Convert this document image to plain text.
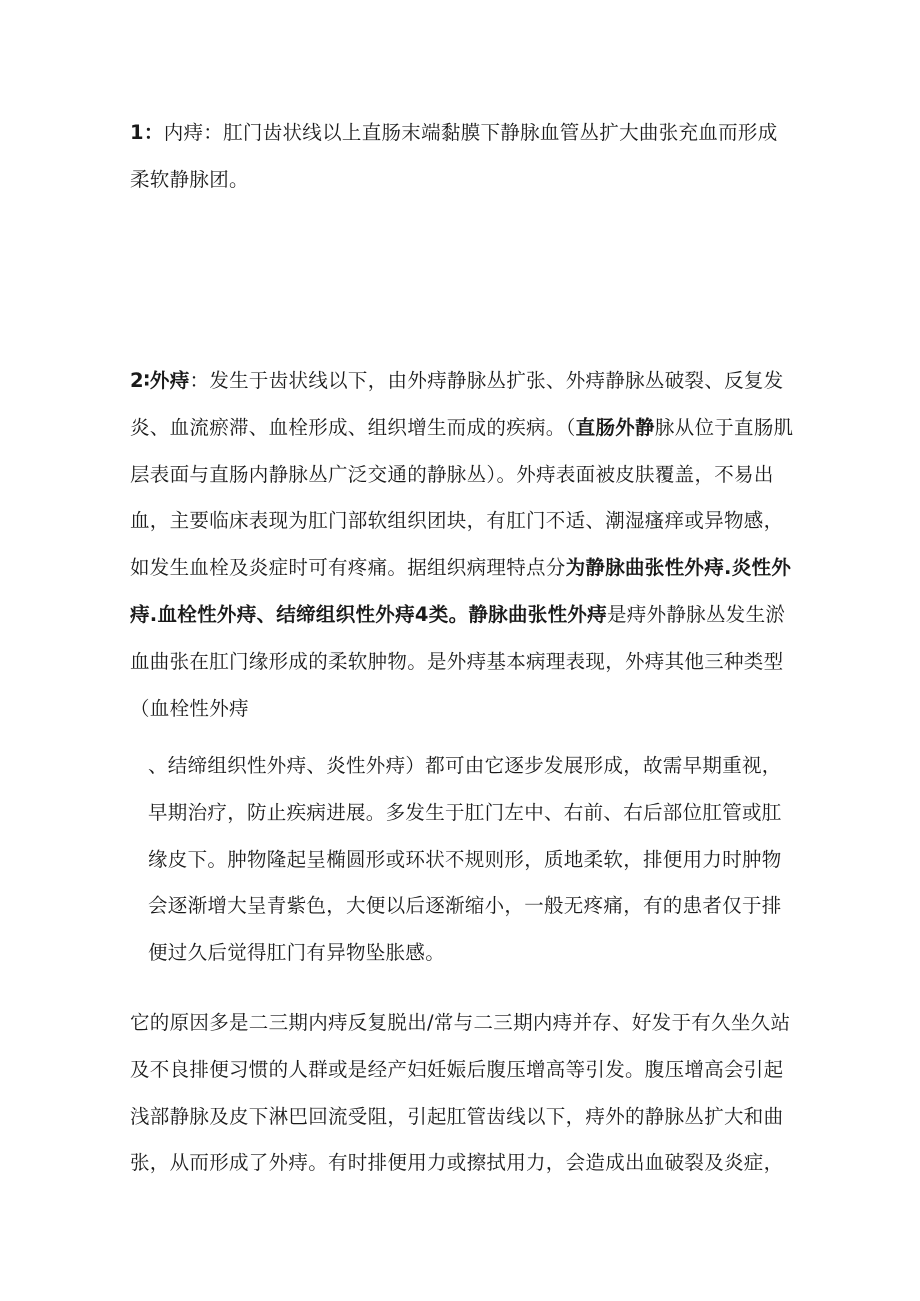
1：内痔：肛门齿状线以上直肠末端黏膜下静脉血管丛扩大曲张充血而形成柔软静脉团。

2∶外痔：发生于齿状线以下，由外痔静脉丛扩张、外痔静脉丛破裂、反复发炎、血流瘀滞、血栓形成、组织增生而成的疾病。（直肠外静脉从位于直肠肌层表面与直肠内静脉丛广泛交通的静脉丛）。外痔表面被皮肤覆盖，不易出血，主要临床表现为肛门部软组织团块，有肛门不适、潮湿瘙痒或异物感，如发生血栓及炎症时可有疼痛。据组织病理特点分为静脉曲张性外痔.炎性外痔.血栓性外痔、结缔组织性外痔4类。静脉曲张性外痔是痔外静脉丛发生淤血曲张在肛门缘形成的柔软肿物。是外痔基本病理表现，外痔其他三种类型（血栓性外痔

、结缔组织性外痔、炎性外痔）都可由它逐步发展形成，故需早期重视，早期治疗，防止疾病进展。多发生于肛门左中、右前、右后部位肛管或肛缘皮下。肿物隆起呈椭圆形或环状不规则形，质地柔软，排便用力时肿物会逐渐增大呈青紫色，大便以后逐渐缩小，一般无疼痛，有的患者仅于排便过久后觉得肛门有异物坠胀感。

它的原因多是二三期内痔反复脱出/常与二三期内痔并存、好发于有久坐久站及不良排便习惯的人群或是经产妇妊娠后腹压增高等引发。腹压增高会引起浅部静脉及皮下淋巴回流受阻，引起肛管齿线以下，痔外的静脉丛扩大和曲张，从而形成了外痔。有时排便用力或擦拭用力，会造成出血破裂及炎症，
